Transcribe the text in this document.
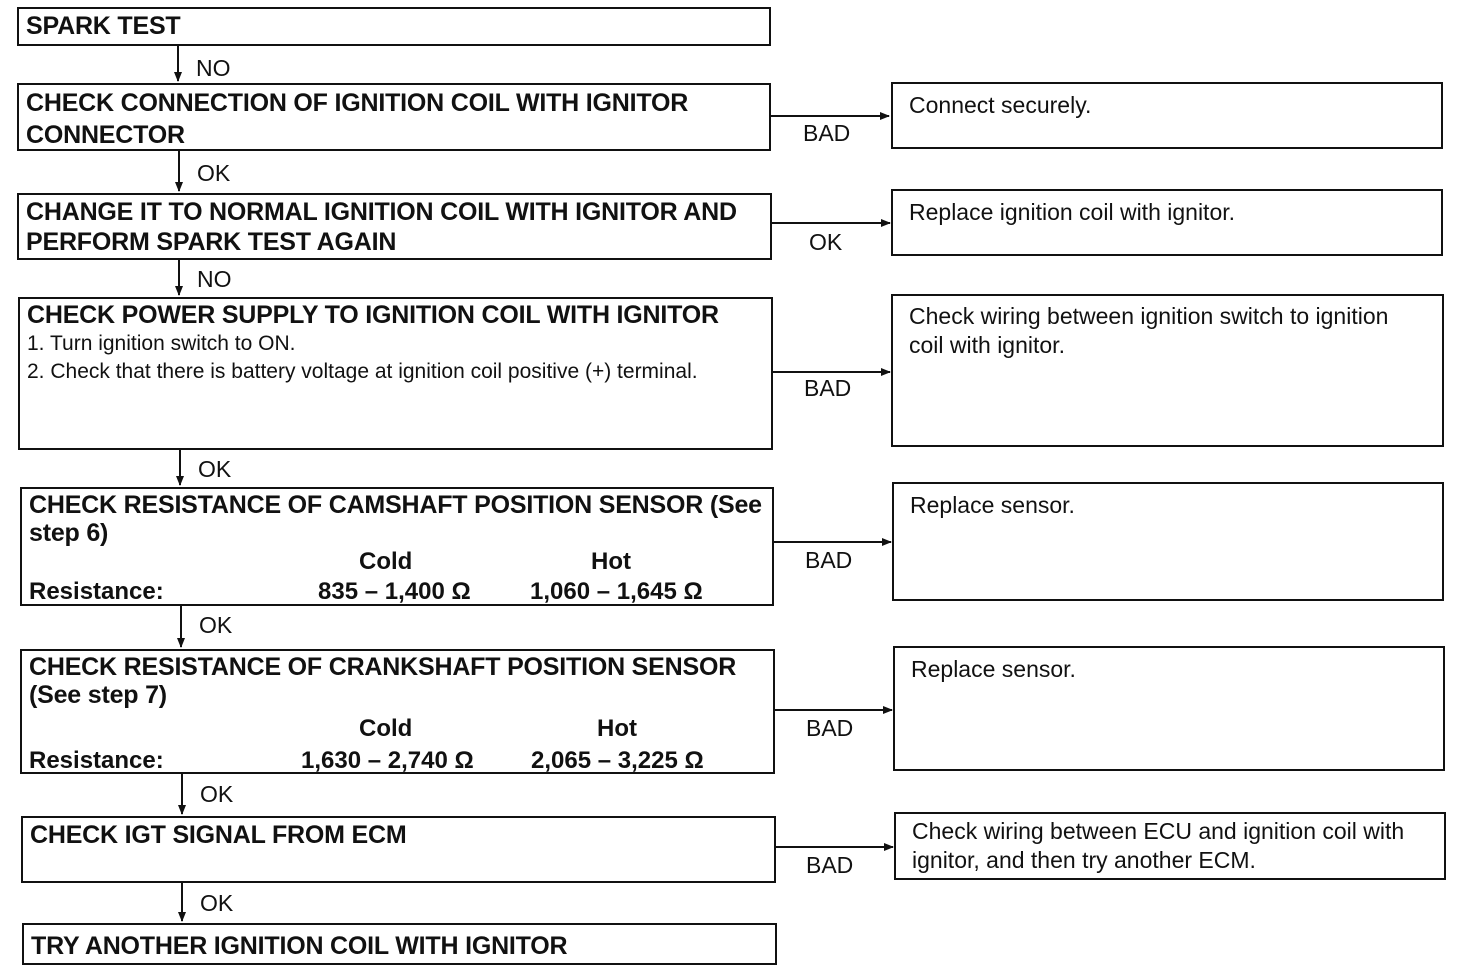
SPARK TEST
CHECK CONNECTION OF IGNITION COIL WITH IGNITOR CONNECTOR
CHANGE IT TO NORMAL IGNITION COIL WITH IGNITOR AND PERFORM SPARK TEST AGAIN
CHECK POWER SUPPLY TO IGNITION COIL WITH IGNITOR
1. Turn ignition switch to ON.
2. Check that there is battery voltage at ignition coil positive (+) terminal.
CHECK RESISTANCE OF CAMSHAFT POSITION SENSOR (See step 6)
Cold	Hot
Resistance:	835 – 1,400 Ω 1,060 – 1,645 Ω
CHECK RESISTANCE OF CRANKSHAFT POSITION SENSOR (See step 7)
Cold	Hot
Resistance:	1,630 – 2,740 Ω 2,065 – 3,225 Ω
CHECK IGT SIGNAL FROM ECM
TRY ANOTHER IGNITION COIL WITH IGNITOR
Connect securely.
Replace ignition coil with ignitor.
Check wiring between ignition switch to ignition coil with ignitor.
Replace sensor.
Replace sensor.
Check wiring between ECU and ignition coil with ignitor, and then try another ECM.
NO
OK
NO
OK
OK
OK
OK
BAD
OK
BAD
BAD
BAD
BAD
